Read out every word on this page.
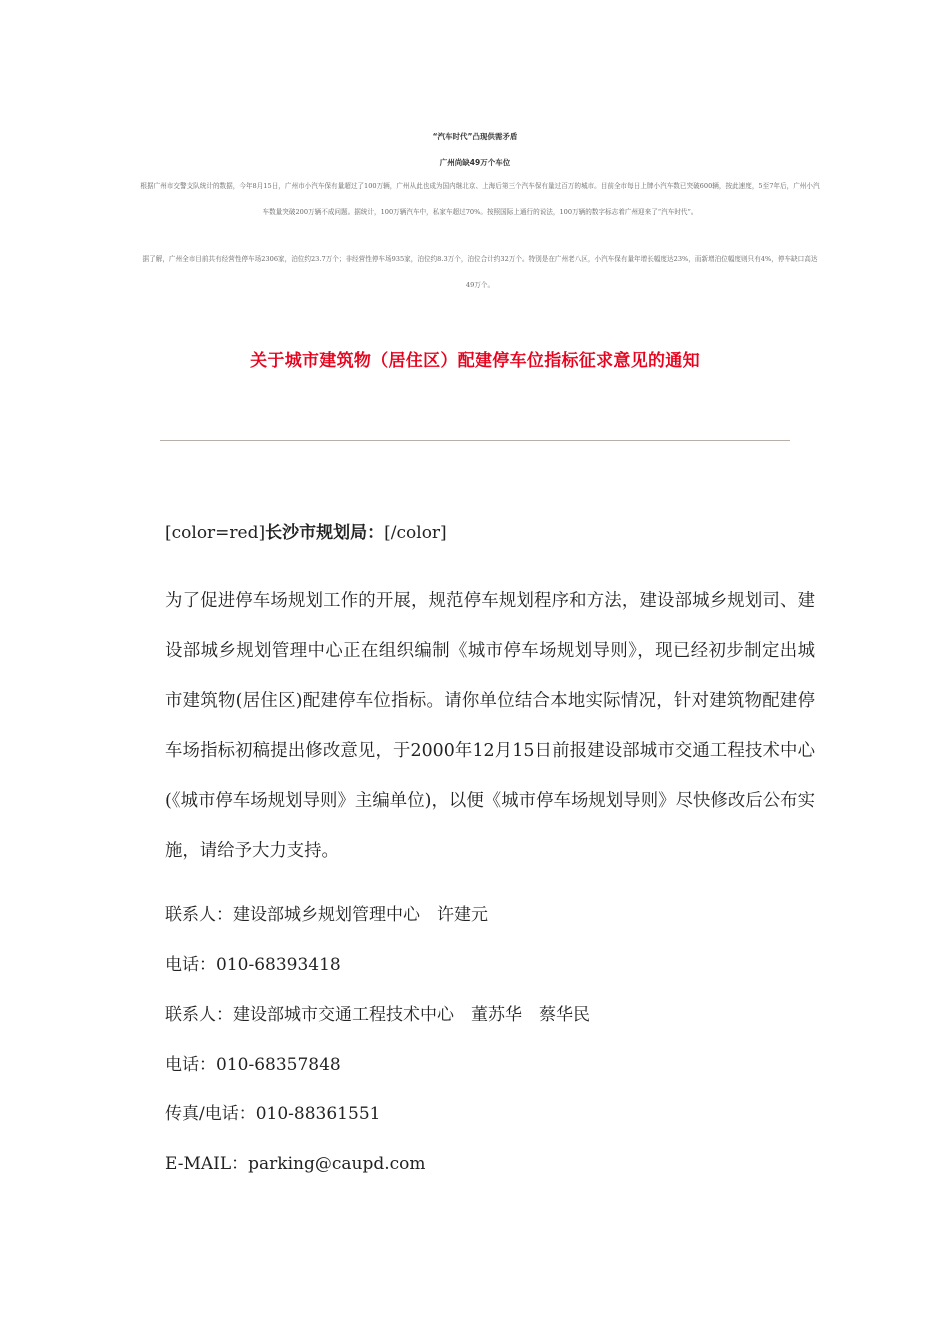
“汽车时代”凸现供需矛盾
广州尚缺49万个车位
根据广州市交警支队统计的数据，今年8月15日，广州市小汽车保有量超过了100万辆，广州从此也成为国内继北京、上海后第三个汽车保有量过百万的城市。目前全市每日上牌小汽车数已突破600辆，按此速度，5至7年后，广州小汽车数量突破200万辆不成问题。据统计，100万辆汽车中，私家车超过70%。按照国际上通行的说法，100万辆的数字标志着广州迎来了“汽车时代”。
据了解，广州全市目前共有经营性停车场2306家，泊位约23.7万个；非经营性停车场935家，泊位约8.3万个，泊位合计约32万个。特别是在广州老八区，小汽车保有量年增长幅度达23%，而新增泊位幅度则只有4%，停车缺口高达49万个。
关于城市建筑物（居住区）配建停车位指标征求意见的通知
[color=red]长沙市规划局：[/color]
为了促进停车场规划工作的开展，规范停车规划程序和方法，建设部城乡规划司、建设部城乡规划管理中心正在组织编制《城市停车场规划导则》，现已经初步制定出城市建筑物(居住区)配建停车位指标。请你单位结合本地实际情况，针对建筑物配建停车场指标初稿提出修改意见，于2000年12月15日前报建设部城市交通工程技术中心(《城市停车场规划导则》主编单位)，以便《城市停车场规划导则》尽快修改后公布实施，请给予大力支持。
联系人：建设部城乡规划管理中心　许建元
电话：010-68393418
联系人：建设部城市交通工程技术中心　董苏华　蔡华民
电话：010-68357848
传真/电话：010-88361551
E-MAIL：parking@caupd.com
